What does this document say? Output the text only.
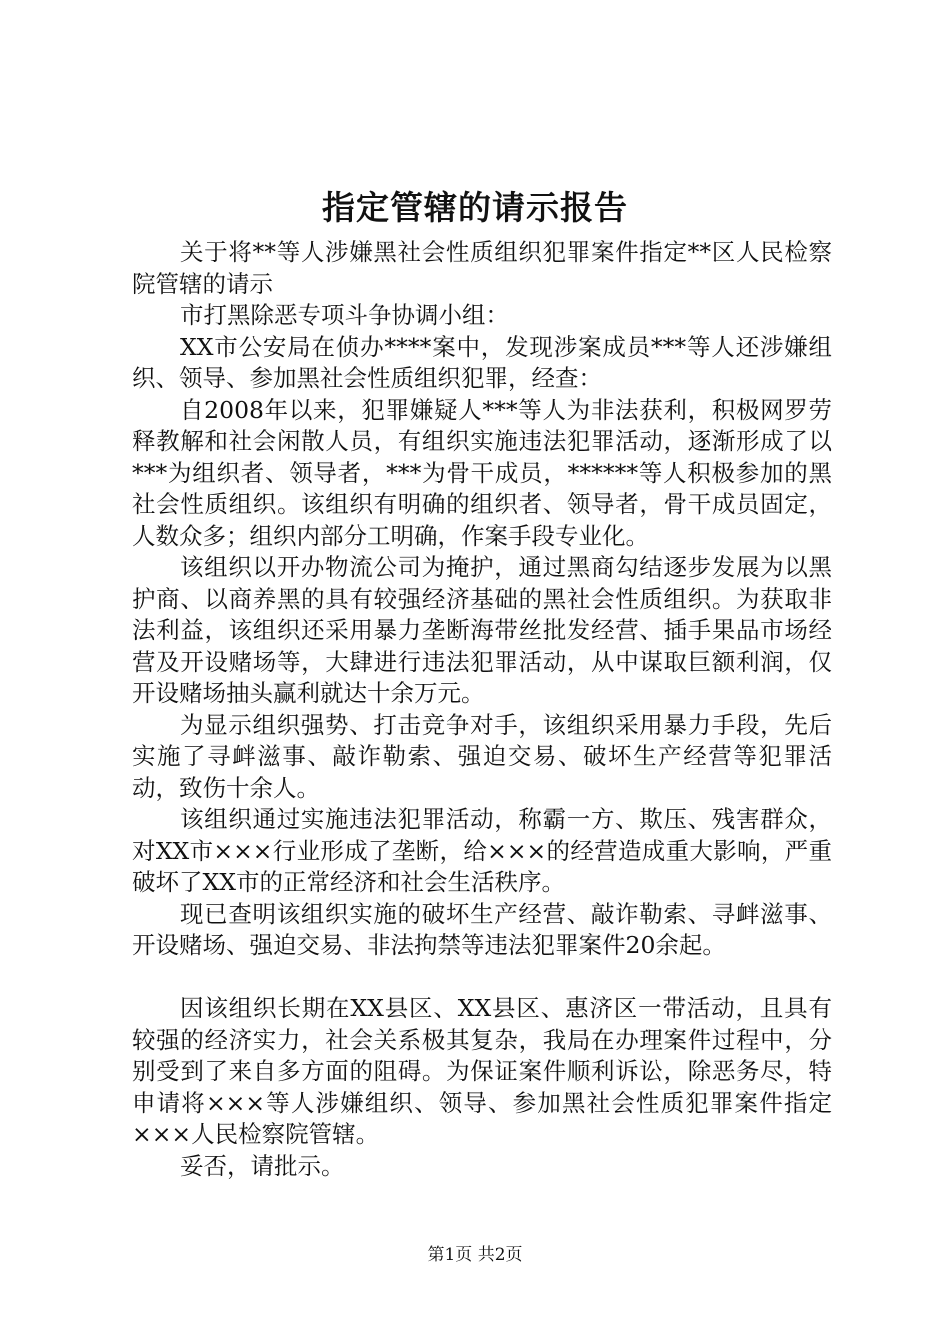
指定管辖的请示报告

关于将**等人涉嫌黑社会性质组织犯罪案件指定**区人民检察院管辖的请示

市打黑除恶专项斗争协调小组：

XX市公安局在侦办****案中，发现涉案成员***等人还涉嫌组织、领导、参加黑社会性质组织犯罪，经查：

自2008年以来，犯罪嫌疑人***等人为非法获利，积极网罗劳释教解和社会闲散人员，有组织实施违法犯罪活动，逐渐形成了以***为组织者、领导者，***为骨干成员，******等人积极参加的黑社会性质组织。该组织有明确的组织者、领导者，骨干成员固定，人数众多；组织内部分工明确，作案手段专业化。

该组织以开办物流公司为掩护，通过黑商勾结逐步发展为以黑护商、以商养黑的具有较强经济基础的黑社会性质组织。为获取非法利益，该组织还采用暴力垄断海带丝批发经营、插手果品市场经营及开设赌场等，大肆进行违法犯罪活动，从中谋取巨额利润，仅开设赌场抽头赢利就达十余万元。

为显示组织强势、打击竞争对手，该组织采用暴力手段，先后实施了寻衅滋事、敲诈勒索、强迫交易、破坏生产经营等犯罪活动，致伤十余人。

该组织通过实施违法犯罪活动，称霸一方、欺压、残害群众，对XX市×××行业形成了垄断，给×××的经营造成重大影响，严重破坏了XX市的正常经济和社会生活秩序。

现已查明该组织实施的破坏生产经营、敲诈勒索、寻衅滋事、开设赌场、强迫交易、非法拘禁等违法犯罪案件20余起。

因该组织长期在XX县区、XX县区、惠济区一带活动，且具有较强的经济实力，社会关系极其复杂，我局在办理案件过程中，分别受到了来自多方面的阻碍。为保证案件顺利诉讼，除恶务尽，特申请将×××等人涉嫌组织、领导、参加黑社会性质犯罪案件指定×××人民检察院管辖。

妥否，请批示。

第1页 共2页
